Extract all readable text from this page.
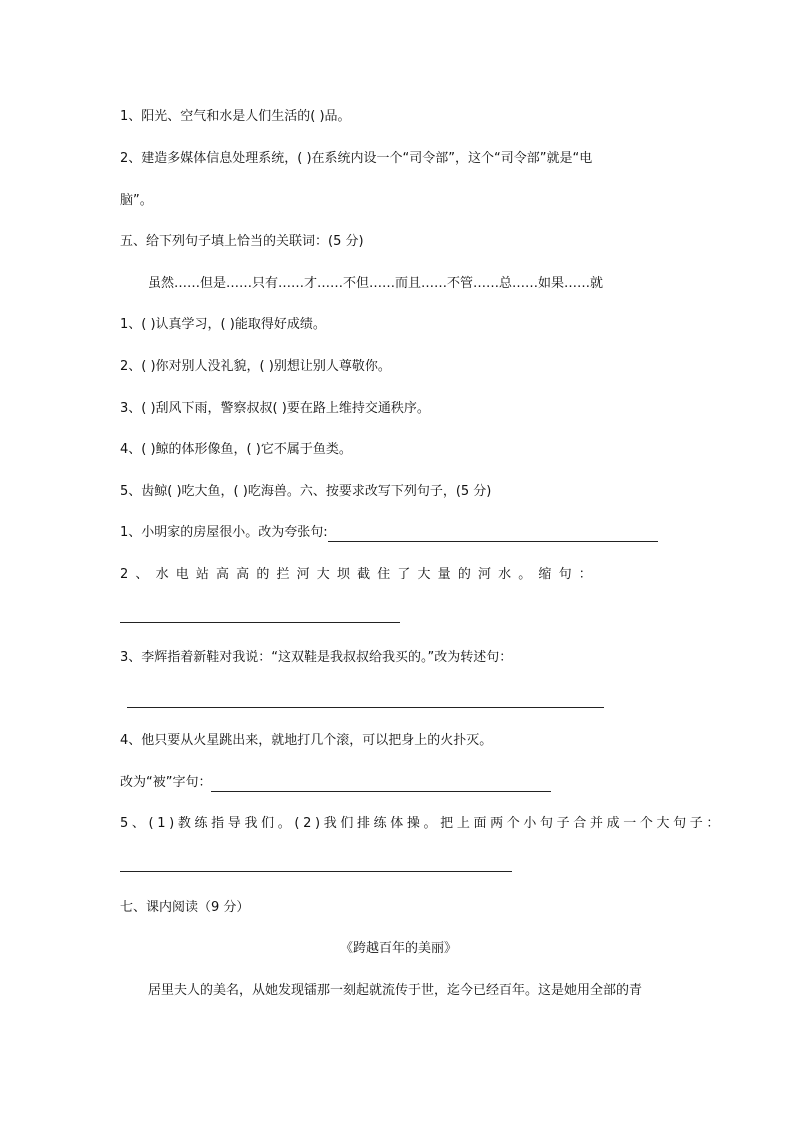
1、阳光、空气和水是人们生活的( )品。
2、建造多媒体信息处理系统，( )在系统内设一个“司令部”，这个“司令部”就是“电
脑”。
五、给下列句子填上恰当的关联词：(5 分)
虽然……但是……只有……才……不但……而且……不管……总……如果……就
1、( )认真学习，( )能取得好成绩。
2、( )你对别人没礼貌，( )别想让别人尊敬你。
3、( )刮风下雨，警察叔叔( )要在路上维持交通秩序。
4、( )鲸的体形像鱼，( )它不属于鱼类。
5、齿鲸( )吃大鱼，( )吃海兽。六、按要求改写下列句子，(5 分)
1、小明家的房屋很小。改为夸张句:
2、水电站高高的拦河大坝截住了大量的河水。缩句：
3、李辉指着新鞋对我说：“这双鞋是我叔叔给我买的。”改为转述句：
4、他只要从火星跳出来，就地打几个滚，可以把身上的火扑灭。
改为“被”字句：
5、(1)教练指导我们。(2)我们排练体操。把上面两个小句子合并成一个大句子：
七、课内阅读（9 分）
《跨越百年的美丽》
居里夫人的美名，从她发现镭那一刻起就流传于世，迄今已经百年。这是她用全部的青
